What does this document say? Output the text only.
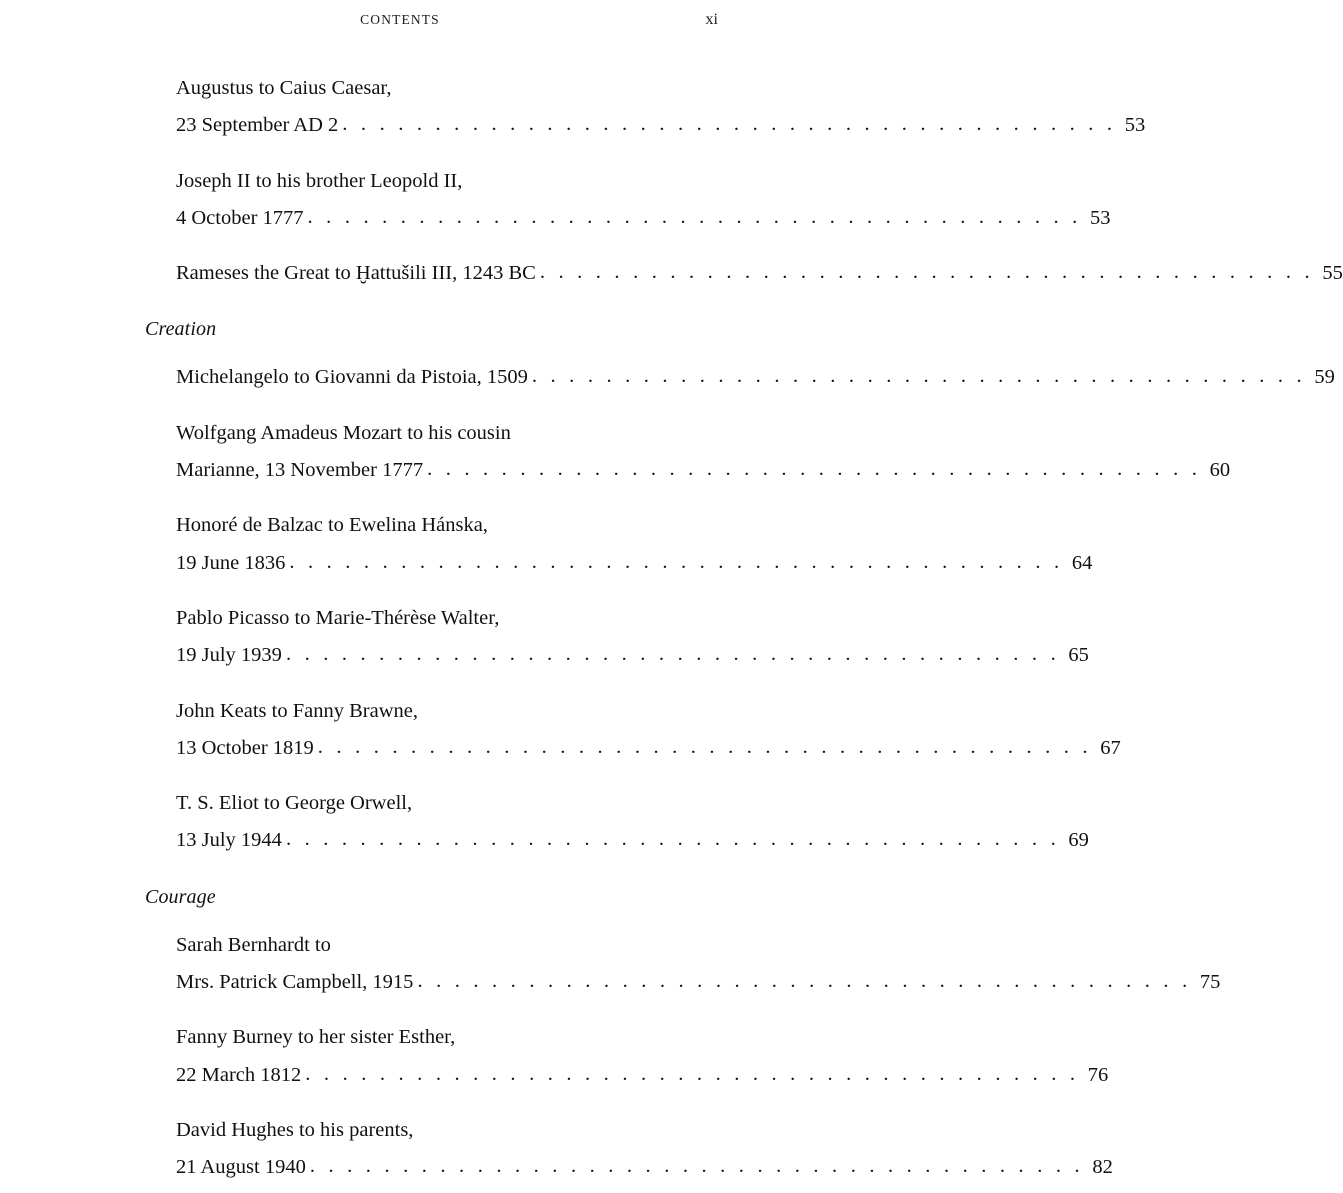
CONTENTS	xi
Augustus to Caius Caesar,
23 September AD 2 . . .	53
Joseph II to his brother Leopold II,
4 October 1777 . . .	53
Rameses the Great to Ḫattušili III, 1243 BC . . .	55
Creation
Michelangelo to Giovanni da Pistoia, 1509 . . .	59
Wolfgang Amadeus Mozart to his cousin
Marianne, 13 November 1777 . . .	60
Honoré de Balzac to Ewelina Hánska,
19 June 1836 . . .	64
Pablo Picasso to Marie-Thérèse Walter,
19 July 1939 . . .	65
John Keats to Fanny Brawne,
13 October 1819 . . .	67
T. S. Eliot to George Orwell,
13 July 1944 . . .	69
Courage
Sarah Bernhardt to
Mrs. Patrick Campbell, 1915 . . .	75
Fanny Burney to her sister Esther,
22 March 1812 . . .	76
David Hughes to his parents,
21 August 1940 . . .	82
